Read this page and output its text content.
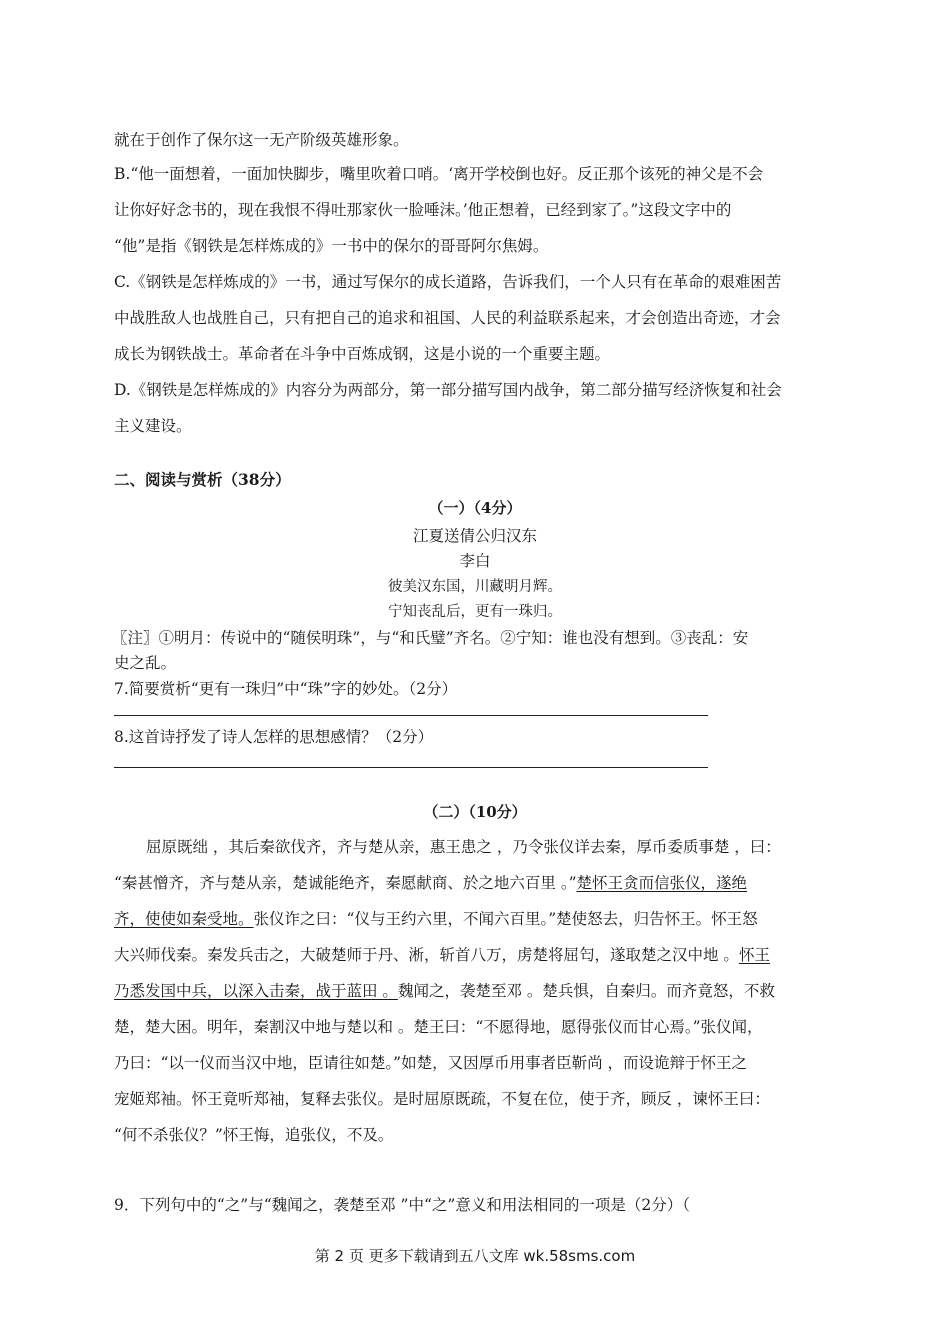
就在于创作了保尔这一无产阶级英雄形象。
B.“他一面想着，一面加快脚步，嘴里吹着口哨。‘离开学校倒也好。反正那个该死的神父是不会
让你好好念书的，现在我恨不得吐那家伙一脸唾沫。’他正想着，已经到家了。”这段文字中的
“他”是指《钢铁是怎样炼成的》一书中的保尔的哥哥阿尔焦姆。
C.《钢铁是怎样炼成的》一书，通过写保尔的成长道路，告诉我们，一个人只有在革命的艰难困苦
中战胜敌人也战胜自己，只有把自己的追求和祖国、人民的利益联系起来，才会创造出奇迹，才会
成长为钢铁战士。革命者在斗争中百炼成钢，这是小说的一个重要主题。
D.《钢铁是怎样炼成的》内容分为两部分，第一部分描写国内战争，第二部分描写经济恢复和社会
主义建设。
二、阅读与赏析（38分）
（一）（4分）
江夏送倩公归汉东
李白
彼美汉东国，川藏明月辉。
宁知丧乱后，更有一珠归。
〖注〗①明月：传说中的“随侯明珠”，与“和氏璧”齐名。②宁知：谁也没有想到。③丧乱：安
史之乱。
7.简要赏析“更有一珠归”中“珠”字的妙处。（2分）
8.这首诗抒发了诗人怎样的思想感情？（2分）
（二）（10分）
屈原既绌 ，其后秦欲伐齐，齐与楚从亲，惠王患之 ，乃令张仪详去秦，厚币委质事楚 ，曰：
“秦甚憎齐，齐与楚从亲，楚诚能绝齐，秦愿献商、於之地六百里 。”楚怀王贪而信张仪，遂绝
齐，使使如秦受地。张仪诈之曰：“仪与王约六里，不闻六百里。”楚使怒去，归告怀王。怀王怒
大兴师伐秦。秦发兵击之，大破楚师于丹、淅，斩首八万，虏楚将屈匄，遂取楚之汉中地 。怀王
乃悉发国中兵，以深入击秦，战于蓝田 。魏闻之，袭楚至邓 。楚兵惧，自秦归。而齐竟怒，不救
楚，楚大困。明年，秦割汉中地与楚以和 。楚王曰：“不愿得地，愿得张仪而甘心焉。”张仪闻，
乃曰：“以一仪而当汉中地，臣请往如楚。”如楚，又因厚币用事者臣靳尚 ，而设诡辩于怀王之
宠姬郑袖。怀王竟听郑袖，复释去张仪。是时屈原既疏，不复在位，使于齐，顾反 ，谏怀王曰：
“何不杀张仪？”怀王悔，追张仪，不及。
9．下列句中的“之”与“魏闻之，袭楚至邓 ”中“之”意义和用法相同的一项是（2分）（
第 2 页 更多下载请到五八文库 wk.58sms.com
